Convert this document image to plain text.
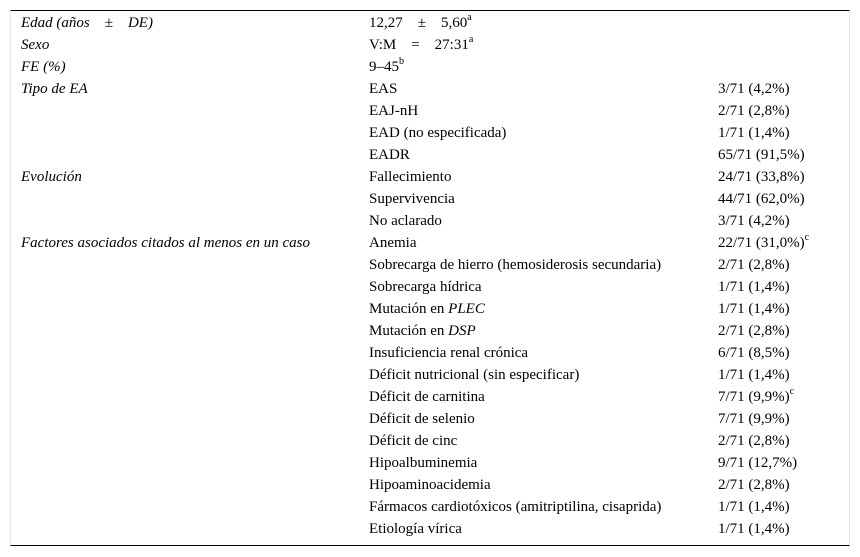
Edad (años ± DE)	12,27 ± 5,60$^a$	
Sexo	V:M = $27:31^a$	
FE (%)	9–45$^b$	
Tipo de EA	EAS	3/71 (4,2%)
	EAJ-nH	2/71 (2,8%)
	EAD (no especificada)	1/71 (1,4%)
	EADR	65/71 (91,5%)
Evolución	Fallecimiento	24/71 (33,8%)
	Supervivencia	44/71 (62,0%)
	No aclarado	3/71 (4,2%)
Factores asociados citados al menos en un caso	Anemia	22/71 $(31,0\%)^c$
	Sobrecarga de hierro (hemosiderosis secundaria)	2/71 (2,8%)
	Sobrecarga hídrica	1/71 (1,4%)
	Mutación en PLEC	1/71 (1,4%)
	Mutación en DSP	2/71 (2,8%)
	Insuficiencia renal crónica	6/71 (8,5%)
	Déficit nutricional (sin especificar)	1/71 (1,4%)
	Déficit de carnitina	7/71 $(9,9\%)^c$
	Déficit de selenio	7/71 (9,9%)
	Déficit de cinc	2/71 (2,8%)
	Hipoalbuminemia	9/71 (12,7%)
	Hipoaminoacidemia	2/71 (2,8%)
	Fármacos cardiotóxicos (amitriptilina, cisaprida)	1/71 (1,4%)
	Etiología vírica	1/71 (1,4%)
